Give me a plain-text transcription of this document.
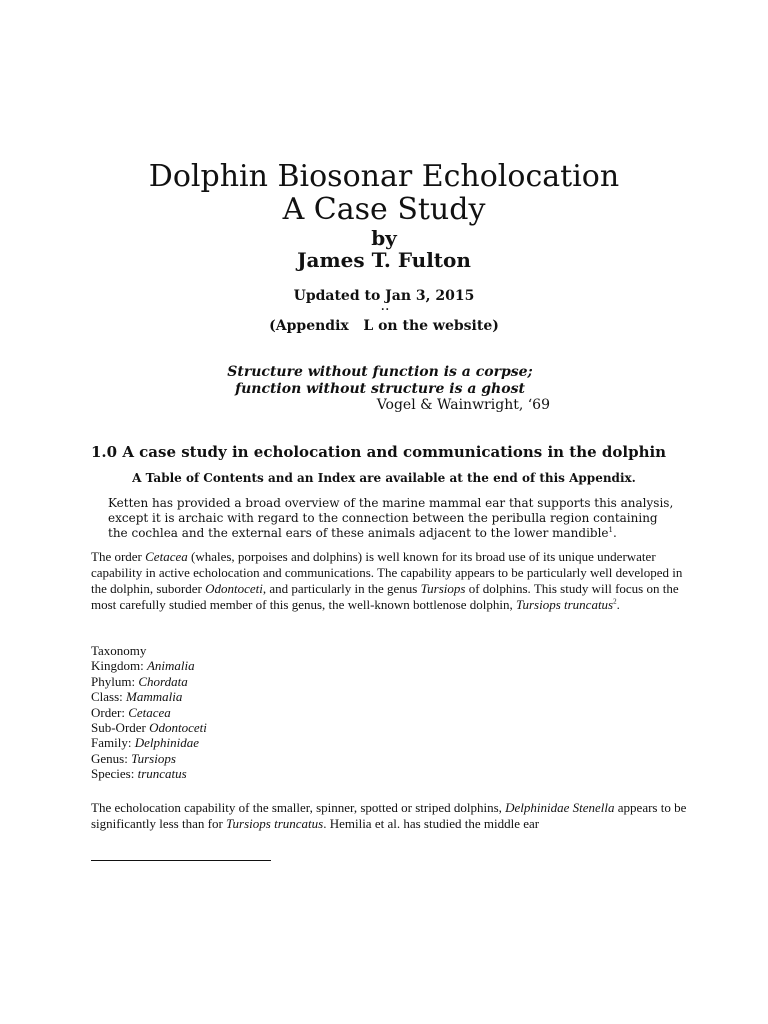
Dolphin Biosonar Echolocation
A Case Study
by
James T. Fulton
Updated to Jan 3, 2015
..
(Appendix   L on the website)
Structure without function is a corpse;
function without structure is a ghost
Vogel & Wainwright, ‘69
1.0 A case study in echolocation and communications in the dolphin
A Table of Contents and an Index are available at the end of this Appendix.
Ketten has provided a broad overview of the marine mammal ear that supports this analysis, except it is archaic with regard to the connection between the peribulla region containing the cochlea and the external ears of these animals adjacent to the lower mandible$^1$.
The order Cetacea (whales, porpoises and dolphins) is well known for its broad use of its unique underwater capability in active echolocation and communications. The capability appears to be particularly well developed in the dolphin, suborder Odontoceti, and particularly in the genus Tursiops of dolphins. This study will focus on the most carefully studied member of this genus, the well-known bottlenose dolphin, Tursiops truncatus$^2$.
Taxonomy
Kingdom: Animalia
Phylum: Chordata
Class: Mammalia
Order: Cetacea
Sub-Order Odontoceti
Family: Delphinidae
Genus: Tursiops
Species: truncatus
The echolocation capability of the smaller, spinner, spotted or striped dolphins, Delphinidae Stenella appears to be significantly less than for Tursiops truncatus. Hemilia et al. has studied the middle ear
